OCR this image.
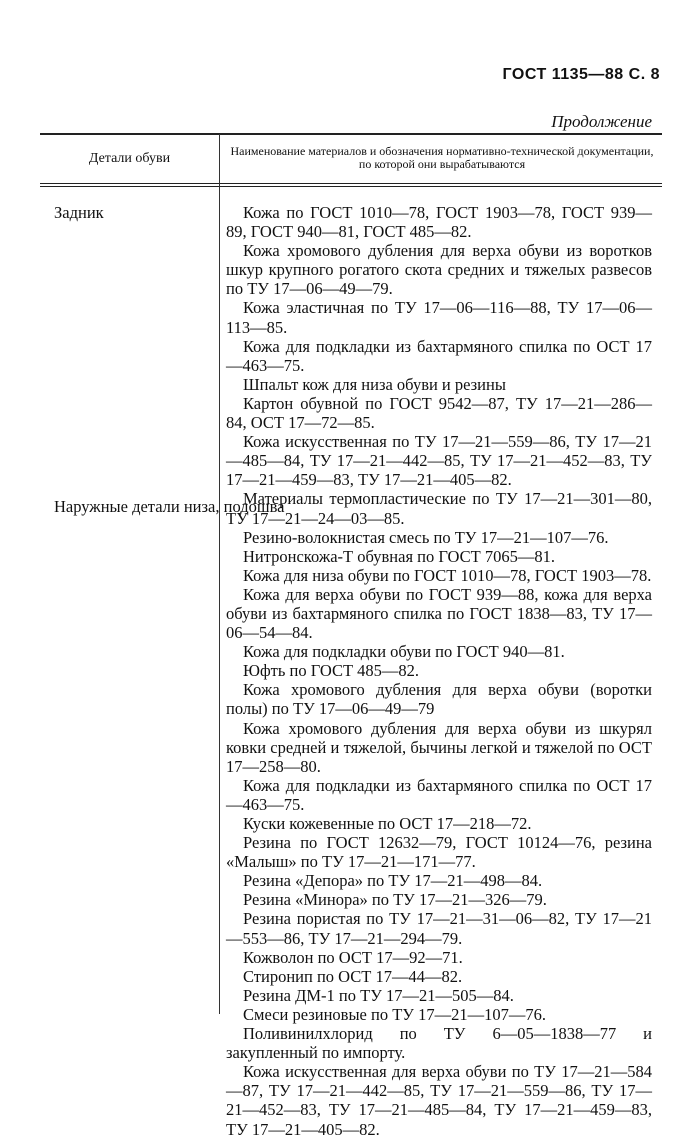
ГОСТ 1135—88 С. 8
Продолжение
Детали обуви	Наименование материалов и обозначения нормативно-технической документации, по которой они вырабатываются
Задник
Наружные детали низа, подошва

Кожа по ГОСТ 1010—78, ГОСТ 1903—78, ГОСТ 939—89, ГОСТ 940—81, ГОСТ 485—82.

Кожа хромового дубления для верха обуви из воротков шкур крупного рогатого скота средних и тяжелых развесов по ТУ 17—06—49—79.

Кожа эластичная по ТУ 17—06—116—88, ТУ 17—06—113—85.

Кожа для подкладки из бахтармяного спилка по ОСТ 17—463—75.

Шпальт кож для низа обуви и резины

Картон обувной по ГОСТ 9542—87, ТУ 17—21—286—84, ОСТ 17—72—85.

Кожа искусственная по ТУ 17—21—559—86, ТУ 17—21—485—84, ТУ 17—21—442—85, ТУ 17—21—452—83, ТУ 17—21—459—83, ТУ 17—21—405—82.

Материалы термопластические по ТУ 17—21—301—80, ТУ 17—21—24—03—85.

Резино-волокнистая смесь по ТУ 17—21—107—76.

Нитронскожа-Т обувная по ГОСТ 7065—81.

Кожа для низа обуви по ГОСТ 1010—78, ГОСТ 1903—78.

Кожа для верха обуви по ГОСТ 939—88, кожа для верха обуви из бахтармяного спилка по ГОСТ 1838—83, ТУ 17—06—54—84.

Кожа для подкладки обуви по ГОСТ 940—81.

Юфть по ГОСТ 485—82.

Кожа хромового дубления для верха обуви (воротки полы) по ТУ 17—06—49—79

Кожа хромового дубления для верха обуви из шкурял ковки средней и тяжелой, бычины легкой и тяжелой по ОСТ 17—258—80.

Кожа для подкладки из бахтармяного спилка по ОСТ 17—463—75.

Куски кожевенные по ОСТ 17—218—72.

Резина по ГОСТ 12632—79, ГОСТ 10124—76, резина «Малыш» по ТУ 17—21—171—77.

Резина «Депора» по ТУ 17—21—498—84.

Резина «Минора» по ТУ 17—21—326—79.

Резина пористая по ТУ 17—21—31—06—82, ТУ 17—21—553—86, ТУ 17—21—294—79.

Кожволон по ОСТ 17—92—71.

Стиронип по ОСТ 17—44—82.

Резина ДМ-1 по ТУ 17—21—505—84.

Смеси резиновые по ТУ 17—21—107—76.

Поливинилхлорид по ТУ 6—05—1838—77 и закупленный по импорту.

Кожа искусственная для верха обуви по ТУ 17—21—584—87, ТУ 17—21—442—85, ТУ 17—21—559—86, ТУ 17—21—452—83, ТУ 17—21—485—84, ТУ 17—21—459—83, ТУ 17—21—405—82.
